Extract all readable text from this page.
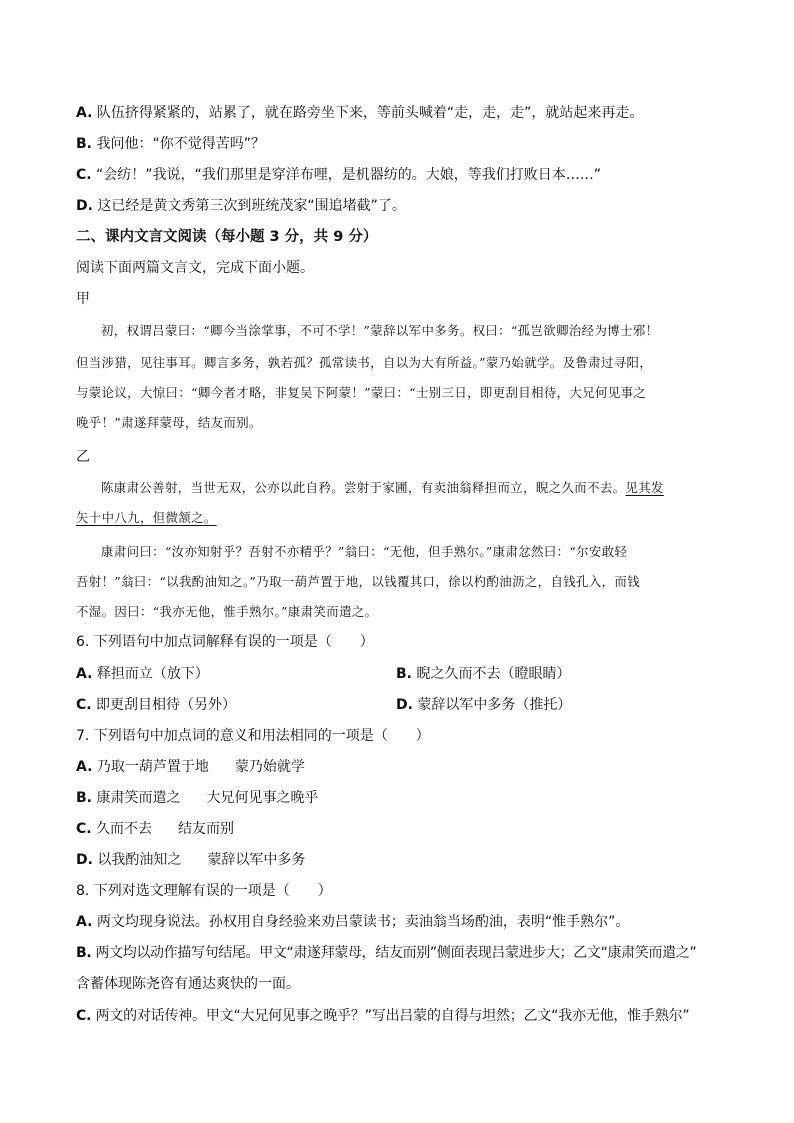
A. 队伍挤得紧紧的，站累了，就在路旁坐下来，等前头喊着“走，走，走”，就站起来再走。
B. 我问他：“你不觉得苦吗”？
C. “会纺！”我说，“我们那里是穿洋布哩，是机器纺的。大娘，等我们打败日本……”
D. 这已经是黄文秀第三次到班统茂家“围追堵截”了。
二、课内文言文阅读（每小题 3 分，共 9 分）
阅读下面两篇文言文，完成下面小题。
甲
初，权谓吕蒙曰：“卿今当涂掌事，不可不学！”蒙辞以军中多务。权曰：“孤岂欲卿治经为博士邪！
但当涉猎，见往事耳。卿言多务，孰若孤？孤常读书，自以为大有所益。”蒙乃始就学。及鲁肃过寻阳，
与蒙论议，大惊曰：“卿今者才略，非复吴下阿蒙！”蒙曰：“士别三日，即更刮目相待，大兄何见事之
晚乎！”肃遂拜蒙母，结友而别。
乙
陈康肃公善射，当世无双，公亦以此自矜。尝射于家圃，有卖油翁释担而立，睨之久而不去。见其发
矢十中八九，但微颔之。
康肃问曰：“汝亦知射乎？吾射不亦精乎？”翁曰：“无他，但手熟尔。”康肃忿然曰：“尔安敢轻
吾射！”翁曰：“以我酌油知之。”乃取一葫芦置于地，以钱覆其口，徐以杓酌油沥之，自钱孔入，而钱
不湿。因曰：“我亦无他，惟手熟尔。”康肃笑而遣之。
6. 下列语句中加点词解释有误的一项是（　　）
A. 释担而立（放下）	B. 睨之久而不去（瞪眼睛）
C. 即更刮目相待（另外）	D. 蒙辞以军中多务（推托）
7. 下列语句中加点词的意义和用法相同的一项是（　　）
A. 乃取一葫芦置于地 蒙乃始就学
B. 康肃笑而遣之 大兄何见事之晚乎
C. 久而不去 结友而别
D. 以我酌油知之 蒙辞以军中多务
8. 下列对选文理解有误的一项是（　　）
A. 两文均现身说法。孙权用自身经验来劝吕蒙读书；卖油翁当场酌油，表明“惟手熟尔”。
B. 两文均以动作描写句结尾。甲文“肃遂拜蒙母，结友而别”侧面表现吕蒙进步大；乙文“康肃笑而遣之”
含蓄体现陈尧咨有通达爽快的一面。
C. 两文的对话传神。甲文“大兄何见事之晚乎？”写出吕蒙的自得与坦然；乙文“我亦无他，惟手熟尔”
